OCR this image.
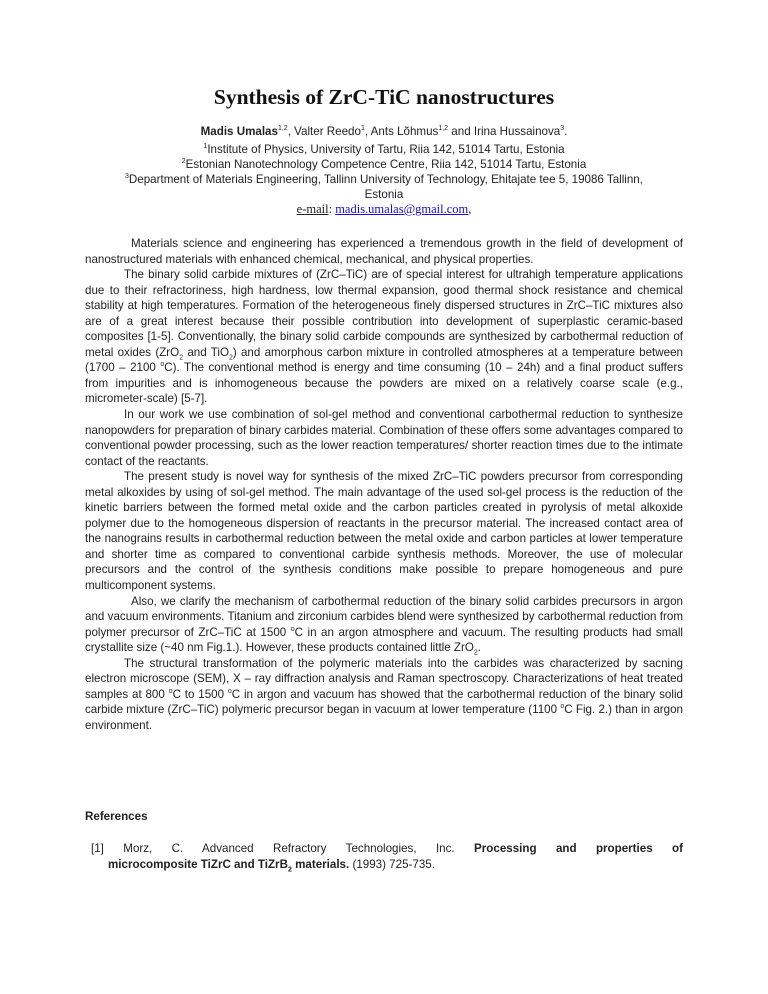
Synthesis of ZrC-TiC nanostructures
Madis Umalas$^{1,2}$, Valter Reedo$^1$, Ants Lõhmus$^{1,2}$ and Irina Hussainova$^3$.
$^1$Institute of Physics, University of Tartu, Riia 142, 51014 Tartu, Estonia
$^2$Estonian Nanotechnology Competence Centre, Riia 142, 51014 Tartu, Estonia
$^3$Department of Materials Engineering, Tallinn University of Technology, Ehitajate tee 5, 19086 Tallinn,
Estonia
e-mail: madis.umalas@gmail.com,

Materials science and engineering has experienced a tremendous growth in the field of development of nanostructured materials with enhanced chemical, mechanical, and physical properties.

The binary solid carbide mixtures of (ZrC–TiC) are of special interest for ultrahigh temperature applications due to their refractoriness, high hardness, low thermal expansion, good thermal shock resistance and chemical stability at high temperatures. Formation of the heterogeneous finely dispersed structures in ZrC–TiC mixtures also are of a great interest because their possible contribution into development of superplastic ceramic-based composites [1-5]. Conventionally, the binary solid carbide compounds are synthesized by carbothermal reduction of metal oxides (ZrO$_2$ and TiO$_2$) and amorphous carbon mixture in controlled atmospheres at a temperature between (1700 – 2100 $^o$C). The conventional method is energy and time consuming (10 – 24h) and a final product suffers from impurities and is inhomogeneous because the powders are mixed on a relatively coarse scale (e.g., micrometer-scale) [5-7].

In our work we use combination of sol-gel method and conventional carbothermal reduction to synthesize nanopowders for preparation of binary carbides material. Combination of these offers some advantages compared to conventional powder processing, such as the lower reaction temperatures/ shorter reaction times due to the intimate contact of the reactants.

The present study is novel way for synthesis of the mixed ZrC–TiC powders precursor from corresponding metal alkoxides by using of sol-gel method. The main advantage of the used sol-gel process is the reduction of the kinetic barriers between the formed metal oxide and the carbon particles created in pyrolysis of metal alkoxide polymer due to the homogeneous dispersion of reactants in the precursor material. The increased contact area of the nanograins results in carbothermal reduction between the metal oxide and carbon particles at lower temperature and shorter time as compared to conventional carbide synthesis methods. Moreover, the use of molecular precursors and the control of the synthesis conditions make possible to prepare homogeneous and pure multicomponent systems.

Also, we clarify the mechanism of carbothermal reduction of the binary solid carbides precursors in argon and vacuum environments. Titanium and zirconium carbides blend were synthesized by carbothermal reduction from polymer precursor of ZrC–TiC at 1500 $^o$C in an argon atmosphere and vacuum. The resulting products had small crystallite size (~40 nm Fig.1.). However, these products contained little ZrO$_2$.

The structural transformation of the polymeric materials into the carbides was characterized by sacning electron microscope (SEM), X – ray diffraction analysis and Raman spectroscopy. Characterizations of heat treated samples at 800 $^o$C to 1500 $^o$C in argon and vacuum has showed that the carbothermal reduction of the binary solid carbide mixture (ZrC–TiC) polymeric precursor began in vacuum at lower temperature (1100 $^o$C Fig. 2.) than in argon environment.

References
[1] Morz, C. Advanced Refractory Technologies, Inc. Processing and properties of
microcomposite TiZrC and TiZrB$_2$ materials. (1993) 725-735.
